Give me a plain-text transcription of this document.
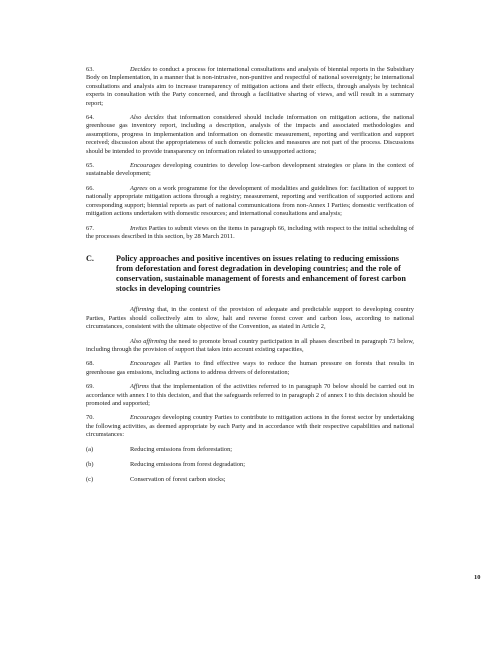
63.	Decides to conduct a process for international consultations and analysis of biennial reports in the Subsidiary Body on Implementation, in a manner that is non-intrusive, non-punitive and respectful of national sovereignty; he international consultations and analysis aim to increase transparency of mitigation actions and their effects, through analysis by technical experts in consultation with the Party concerned, and through a facilitative sharing of views, and will result in a summary report;
64.	Also decides that information considered should include information on mitigation actions, the national greenhouse gas inventory report, including a description, analysis of the impacts and associated methodologies and assumptions, progress in implementation and information on domestic measurement, reporting and verification and support received; discussion about the appropriateness of such domestic policies and measures are not part of the process. Discussions should be intended to provide transparency on information related to unsupported actions;
65.	Encourages developing countries to develop low-carbon development strategies or plans in the context of sustainable development;
66.	Agrees on a work programme for the development of modalities and guidelines for: facilitation of support to nationally appropriate mitigation actions through a registry; measurement, reporting and verification of supported actions and corresponding support; biennial reports as part of national communications from non-Annex I Parties; domestic verification of mitigation actions undertaken with domestic resources; and international consultations and analysis;
67.	Invites Parties to submit views on the items in paragraph 66, including with respect to the initial scheduling of the processes described in this section, by 28 March 2011.
C.	Policy approaches and positive incentives on issues relating to reducing emissions from deforestation and forest degradation in developing countries; and the role of conservation, sustainable management of forests and enhancement of forest carbon stocks in developing countries
Affirming that, in the context of the provision of adequate and predictable support to developing country Parties, Parties should collectively aim to slow, halt and reverse forest cover and carbon loss, according to national circumstances, consistent with the ultimate objective of the Convention, as stated in Article 2,
Also affirming the need to promote broad country participation in all phases described in paragraph 73 below, including through the provision of support that takes into account existing capacities,
68.	Encourages all Parties to find effective ways to reduce the human pressure on forests that results in greenhouse gas emissions, including actions to address drivers of deforestation;
69.	Affirms that the implementation of the activities referred to in paragraph 70 below should be carried out in accordance with annex I to this decision, and that the safeguards referred to in paragraph 2 of annex I to this decision should be promoted and supported;
70.	Encourages developing country Parties to contribute to mitigation actions in the forest sector by undertaking the following activities, as deemed appropriate by each Party and in accordance with their respective capabilities and national circumstances:
(a)	Reducing emissions from deforestation;
(b)	Reducing emissions from forest degradation;
(c)	Conservation of forest carbon stocks;
10
